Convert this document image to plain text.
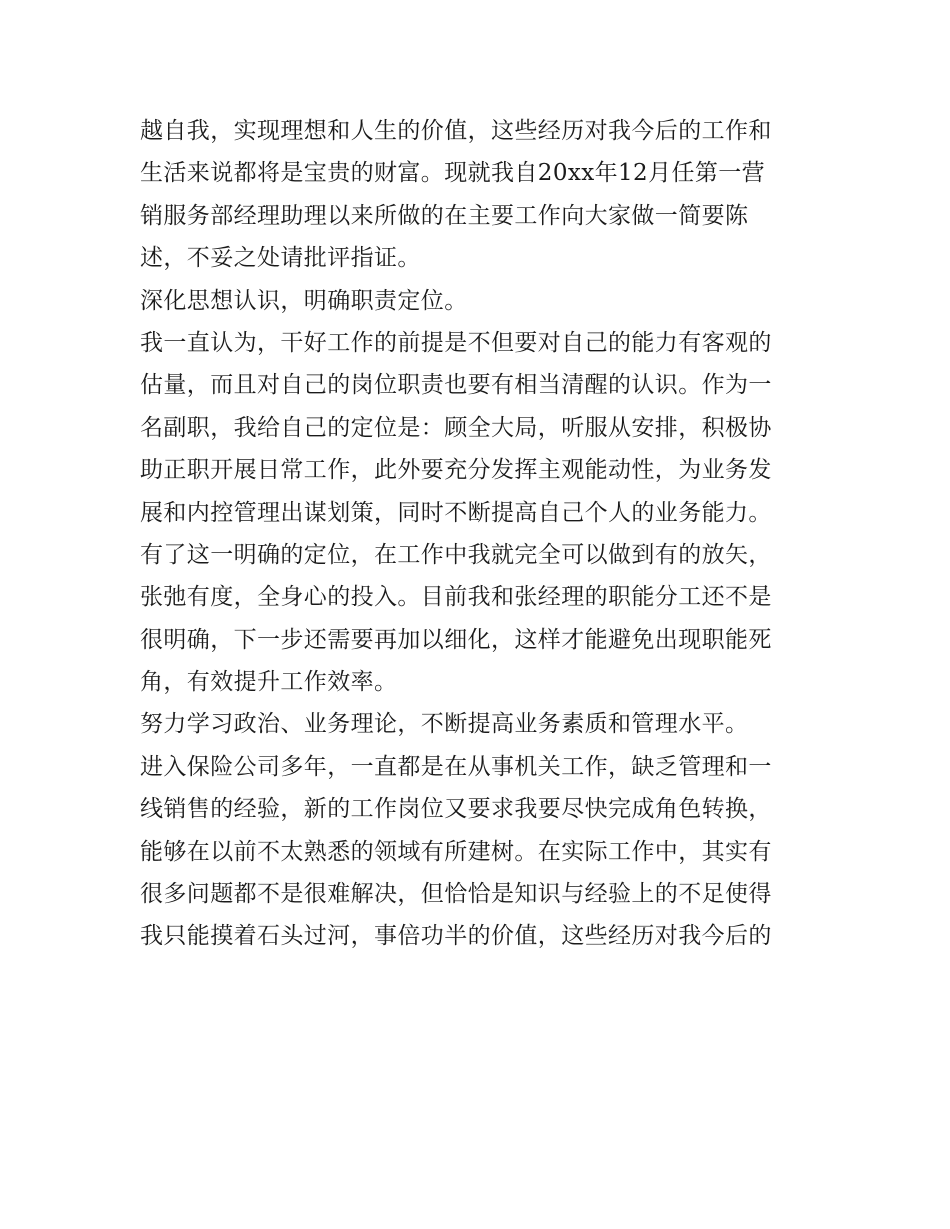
越自我，实现理想和人生的价值，这些经历对我今后的工作和
生活来说都将是宝贵的财富。现就我自20xx年12月任第一营
销服务部经理助理以来所做的在主要工作向大家做一简要陈
述，不妥之处请批评指证。
深化思想认识，明确职责定位。
我一直认为，干好工作的前提是不但要对自己的能力有客观的
估量，而且对自己的岗位职责也要有相当清醒的认识。作为一
名副职，我给自己的定位是：顾全大局，听服从安排，积极协
助正职开展日常工作，此外要充分发挥主观能动性，为业务发
展和内控管理出谋划策，同时不断提高自己个人的业务能力。
有了这一明确的定位，在工作中我就完全可以做到有的放矢，
张弛有度，全身心的投入。目前我和张经理的职能分工还不是
很明确，下一步还需要再加以细化，这样才能避免出现职能死
角，有效提升工作效率。
努力学习政治、业务理论，不断提高业务素质和管理水平。
进入保险公司多年，一直都是在从事机关工作，缺乏管理和一
线销售的经验，新的工作岗位又要求我要尽快完成角色转换，
能够在以前不太熟悉的领域有所建树。在实际工作中，其实有
很多问题都不是很难解决，但恰恰是知识与经验上的不足使得
我只能摸着石头过河，事倍功半的价值，这些经历对我今后的
